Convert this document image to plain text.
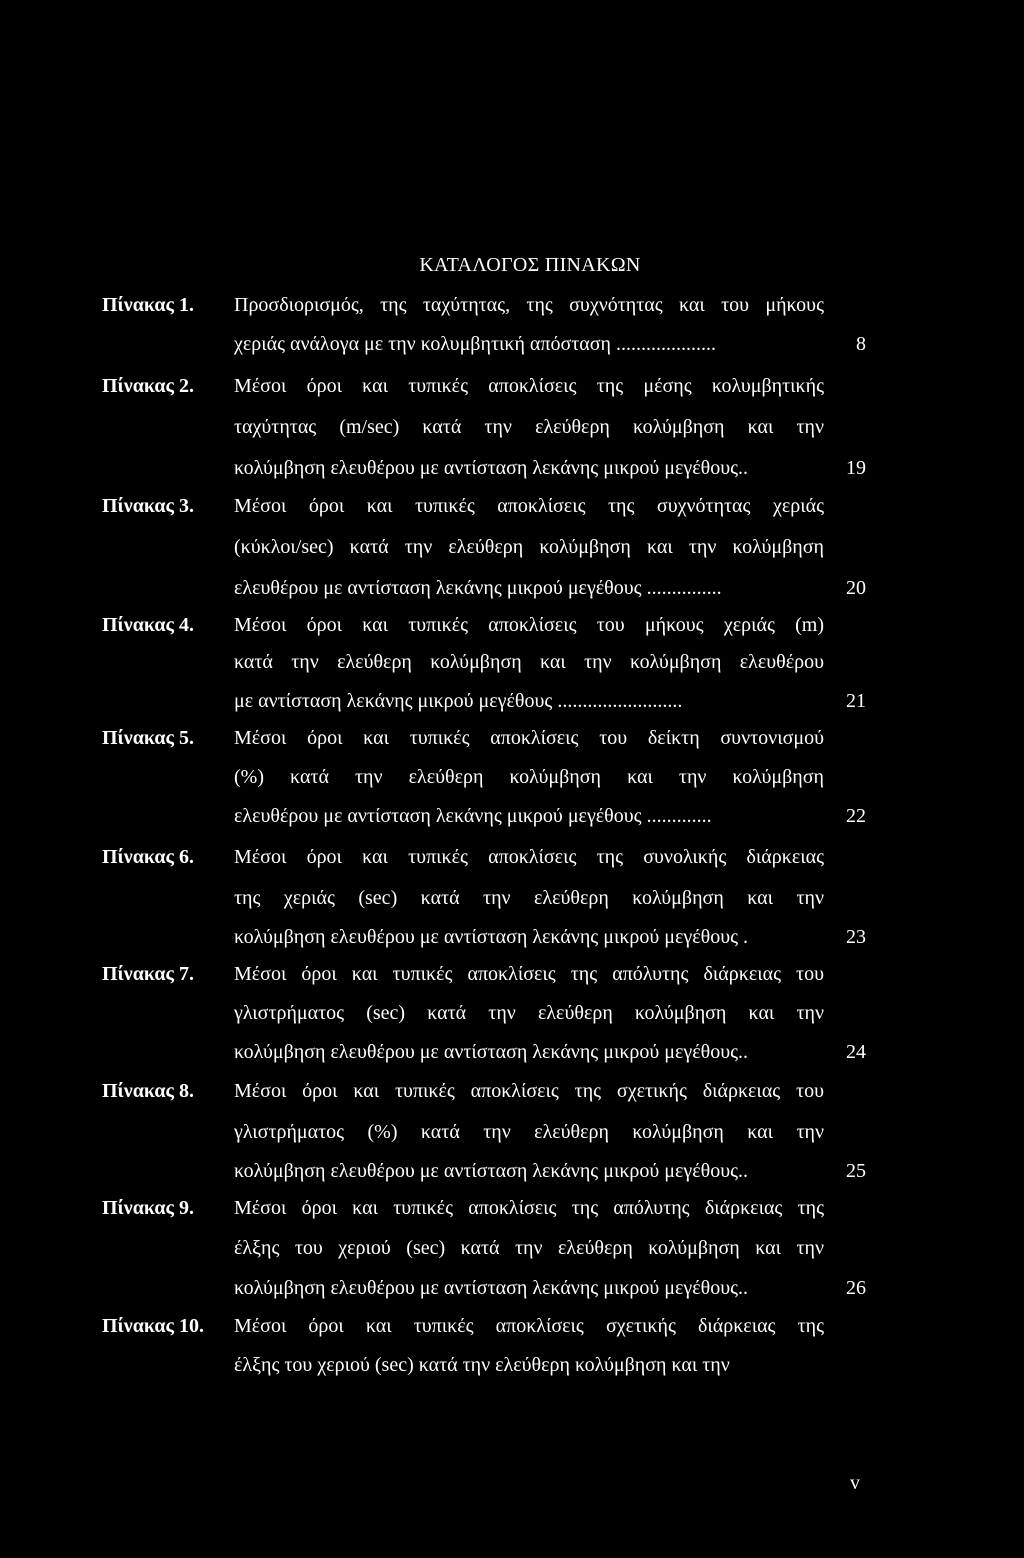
ΚΑΤΑΛΟΓΟΣ ΠΙΝΑΚΩΝ
Πίνακας 1.	Προσδιορισμός, της ταχύτητας, της συχνότητας και του μήκους
χεριάς ανάλογα με την κολυμβητική απόσταση ....................	8
Πίνακας 2.	Μέσοι όροι και τυπικές αποκλίσεις της μέσης κολυμβητικής
ταχύτητας (m/sec) κατά την ελεύθερη κολύμβηση και την
κολύμβηση ελευθέρου με αντίσταση λεκάνης μικρού μεγέθους..	19
Πίνακας 3.	Μέσοι όροι και τυπικές αποκλίσεις της συχνότητας χεριάς
(κύκλοι/sec) κατά την ελεύθερη κολύμβηση και την κολύμβηση
ελευθέρου με αντίσταση λεκάνης μικρού μεγέθους ...............	20
Πίνακας 4.	Μέσοι όροι και τυπικές αποκλίσεις του μήκους χεριάς (m)
κατά την ελεύθερη κολύμβηση και την κολύμβηση ελευθέρου
με αντίσταση λεκάνης μικρού μεγέθους .........................	21
Πίνακας 5.	Μέσοι όροι και τυπικές αποκλίσεις του δείκτη συντονισμού
(%) κατά την ελεύθερη κολύμβηση και την κολύμβηση
ελευθέρου με αντίσταση λεκάνης μικρού μεγέθους .............	22
Πίνακας 6.	Μέσοι όροι και τυπικές αποκλίσεις της συνολικής διάρκειας
της χεριάς (sec) κατά την ελεύθερη κολύμβηση και την
κολύμβηση ελευθέρου με αντίσταση λεκάνης μικρού μεγέθους .	23
Πίνακας 7.	Μέσοι όροι και τυπικές αποκλίσεις της απόλυτης διάρκειας του
γλιστρήματος (sec) κατά την ελεύθερη κολύμβηση και την
κολύμβηση ελευθέρου με αντίσταση λεκάνης μικρού μεγέθους..	24
Πίνακας 8.	Μέσοι όροι και τυπικές αποκλίσεις της σχετικής διάρκειας του
γλιστρήματος (%) κατά την ελεύθερη κολύμβηση και την
κολύμβηση ελευθέρου με αντίσταση λεκάνης μικρού μεγέθους..	25
Πίνακας 9.	Μέσοι όροι και τυπικές αποκλίσεις της απόλυτης διάρκειας της
έλξης του χεριού (sec) κατά την ελεύθερη κολύμβηση και την
κολύμβηση ελευθέρου με αντίσταση λεκάνης μικρού μεγέθους..	26
Πίνακας 10.	Μέσοι όροι και τυπικές αποκλίσεις σχετικής διάρκειας της
έλξης του χεριού (sec) κατά την ελεύθερη κολύμβηση και την
v
